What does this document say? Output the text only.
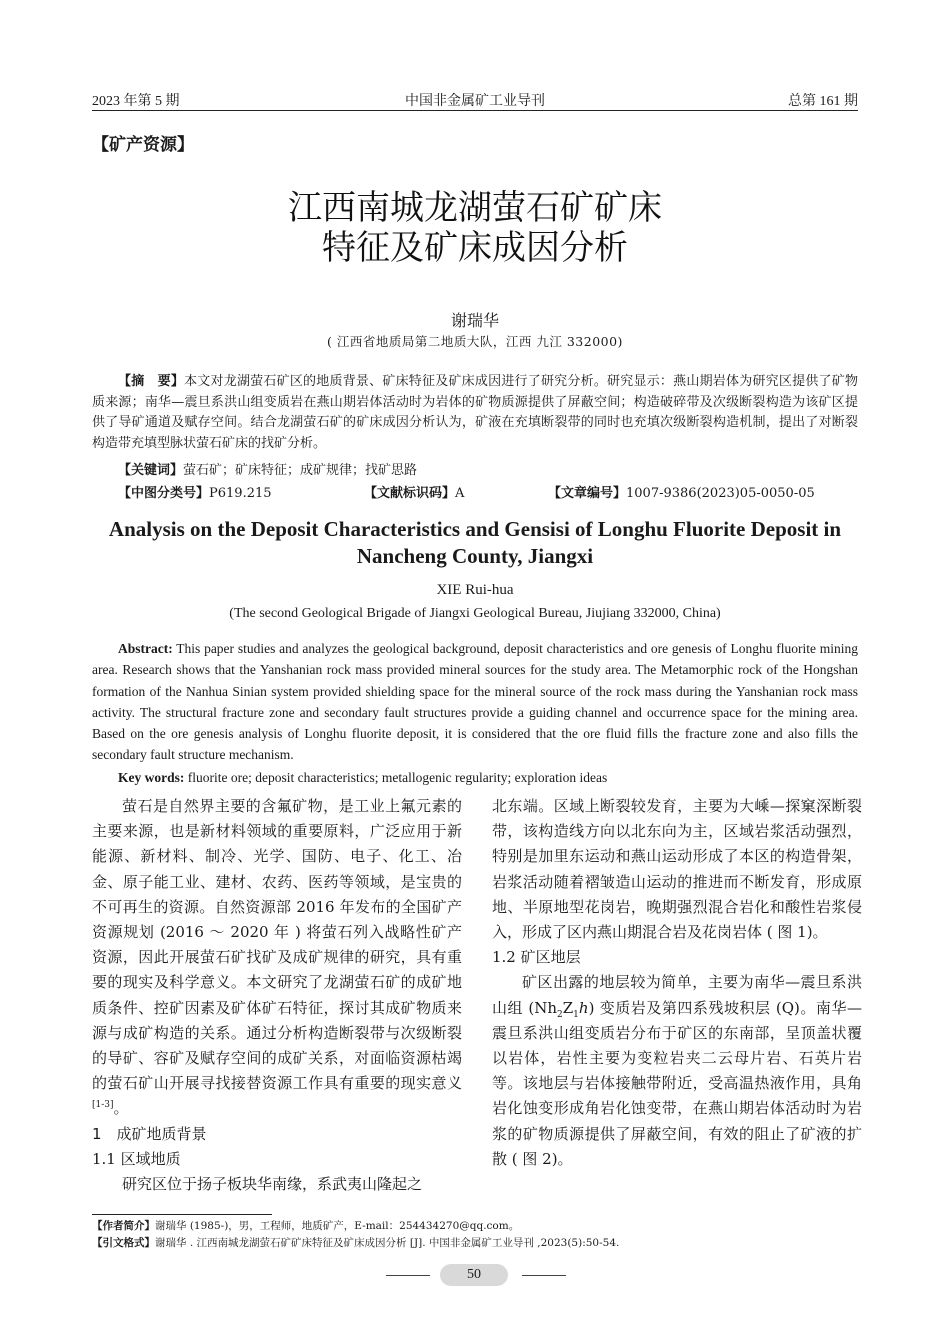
2023 年第 5 期	中国非金属矿工业导刊	总第 161 期
【矿产资源】
江西南城龙湖萤石矿矿床
特征及矿床成因分析
谢瑞华
( 江西省地质局第二地质大队，江西 九江 332000)
【摘　要】本文对龙湖萤石矿区的地质背景、矿床特征及矿床成因进行了研究分析。研究显示：燕山期岩体为研究区提供了矿物质来源；南华—震旦系洪山组变质岩在燕山期岩体活动时为岩体的矿物质源提供了屏蔽空间；构造破碎带及次级断裂构造为该矿区提供了导矿通道及赋存空间。结合龙湖萤石矿的矿床成因分析认为，矿液在充填断裂带的同时也充填次级断裂构造机制，提出了对断裂构造带充填型脉状萤石矿床的找矿分析。
【关键词】萤石矿；矿床特征；成矿规律；找矿思路
【中图分类号】P619.215	【文献标识码】A	【文章编号】1007-9386(2023)05-0050-05
Analysis on the Deposit Characteristics and Gensisi of Longhu Fluorite Deposit in
Nancheng County, Jiangxi
XIE Rui-hua
(The second Geological Brigade of Jiangxi Geological Bureau, Jiujiang 332000, China)
Abstract: This paper studies and analyzes the geological background, deposit characteristics and ore genesis of Longhu fluorite mining area. Research shows that the Yanshanian rock mass provided mineral sources for the study area. The Metamorphic rock of the Hongshan formation of the Nanhua Sinian system provided shielding space for the mineral source of the rock mass during the Yanshanian rock mass activity. The structural fracture zone and secondary fault structures provide a guiding channel and occurrence space for the mining area. Based on the ore genesis analysis of Longhu fluorite deposit, it is considered that the ore fluid fills the fracture zone and also fills the secondary fault structure mechanism.
Key words: fluorite ore; deposit characteristics; metallogenic regularity; exploration ideas

萤石是自然界主要的含氟矿物，是工业上氟元素的主要来源，也是新材料领域的重要原料，广泛应用于新能源、新材料、制冷、光学、国防、电子、化工、冶金、原子能工业、建材、农药、医药等领域，是宝贵的不可再生的资源。自然资源部 2016 年发布的全国矿产资源规划 (2016 ～ 2020 年 ) 将萤石列入战略性矿产资源，因此开展萤石矿找矿及成矿规律的研究，具有重要的现实及科学意义。本文研究了龙湖萤石矿的成矿地质条件、控矿因素及矿体矿石特征，探讨其成矿物质来源与成矿构造的关系。通过分析构造断裂带与次级断裂的导矿、容矿及赋存空间的成矿关系，对面临资源枯竭的萤石矿山开展寻找接替资源工作具有重要的现实意义[1-3]。

1　成矿地质背景

1.1 区域地质

研究区位于扬子板块华南缘，系武夷山隆起之

北东端。区域上断裂较发育，主要为大嵊—探窠深断裂带，该构造线方向以北东向为主，区域岩浆活动强烈，特别是加里东运动和燕山运动形成了本区的构造骨架，岩浆活动随着褶皱造山运动的推进而不断发育，形成原地、半原地型花岗岩，晚期强烈混合岩化和酸性岩浆侵入，形成了区内燕山期混合岩及花岗岩体 ( 图 1)。

1.2 矿区地层

矿区出露的地层较为简单，主要为南华—震旦系洪山组 $(Nh_2Z_1h)$ 变质岩及第四系残坡积层 (Q)。南华—震旦系洪山组变质岩分布于矿区的东南部，呈顶盖状覆以岩体，岩性主要为变粒岩夹二云母片岩、石英片岩等。该地层与岩体接触带附近，受高温热液作用，具角岩化蚀变形成角岩化蚀变带，在燕山期岩体活动时为岩浆的矿物质源提供了屏蔽空间，有效的阻止了矿液的扩散 ( 图 2)。

【作者简介】谢瑞华 (1985-)，男，工程师，地质矿产，E-mail：254434270@qq.com。
【引文格式】谢瑞华 . 江西南城龙湖萤石矿矿床特征及矿床成因分析 [J]. 中国非金属矿工业导刊 ,2023(5):50-54.
50
